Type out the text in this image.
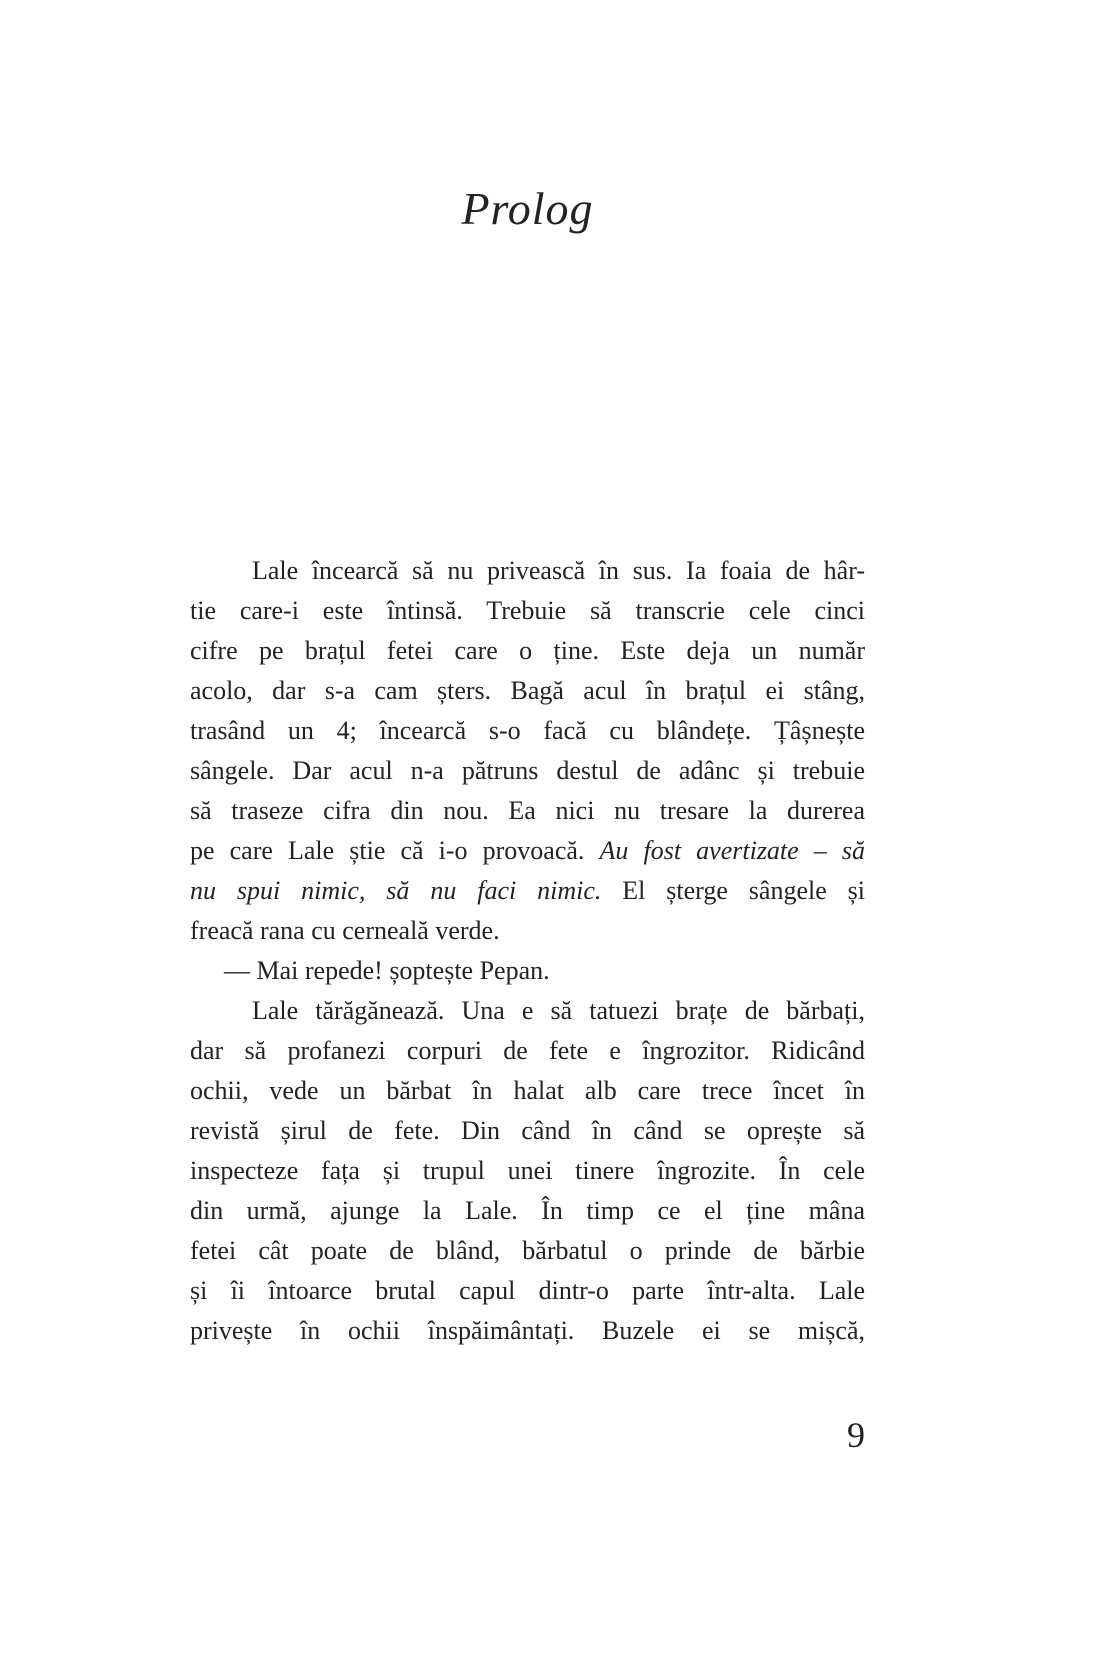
Prolog
Lale încearcă să nu privească în sus. Ia foaia de hâr-
tie care-i este întinsă. Trebuie să transcrie cele cinci
cifre pe brațul fetei care o ține. Este deja un număr
acolo, dar s-a cam șters. Bagă acul în brațul ei stâng,
trasând un 4; încearcă s-o facă cu blândețe. Țâșnește
sângele. Dar acul n-a pătruns destul de adânc și trebuie
să traseze cifra din nou. Ea nici nu tresare la durerea
pe care Lale știe că i-o provoacă. Au fost avertizate – să
nu spui nimic, să nu faci nimic. El șterge sângele și
freacă rana cu cerneală verde.
— Mai repede! șoptește Pepan.
Lale tărăgănează. Una e să tatuezi brațe de bărbați,
dar să profanezi corpuri de fete e îngrozitor. Ridicând
ochii, vede un bărbat în halat alb care trece încet în
revistă șirul de fete. Din când în când se oprește să
inspecteze fața și trupul unei tinere îngrozite. În cele
din urmă, ajunge la Lale. În timp ce el ține mâna
fetei cât poate de blând, bărbatul o prinde de bărbie
și îi întoarce brutal capul dintr-o parte într-alta. Lale
privește în ochii înspăimântați. Buzele ei se mișcă,
9
